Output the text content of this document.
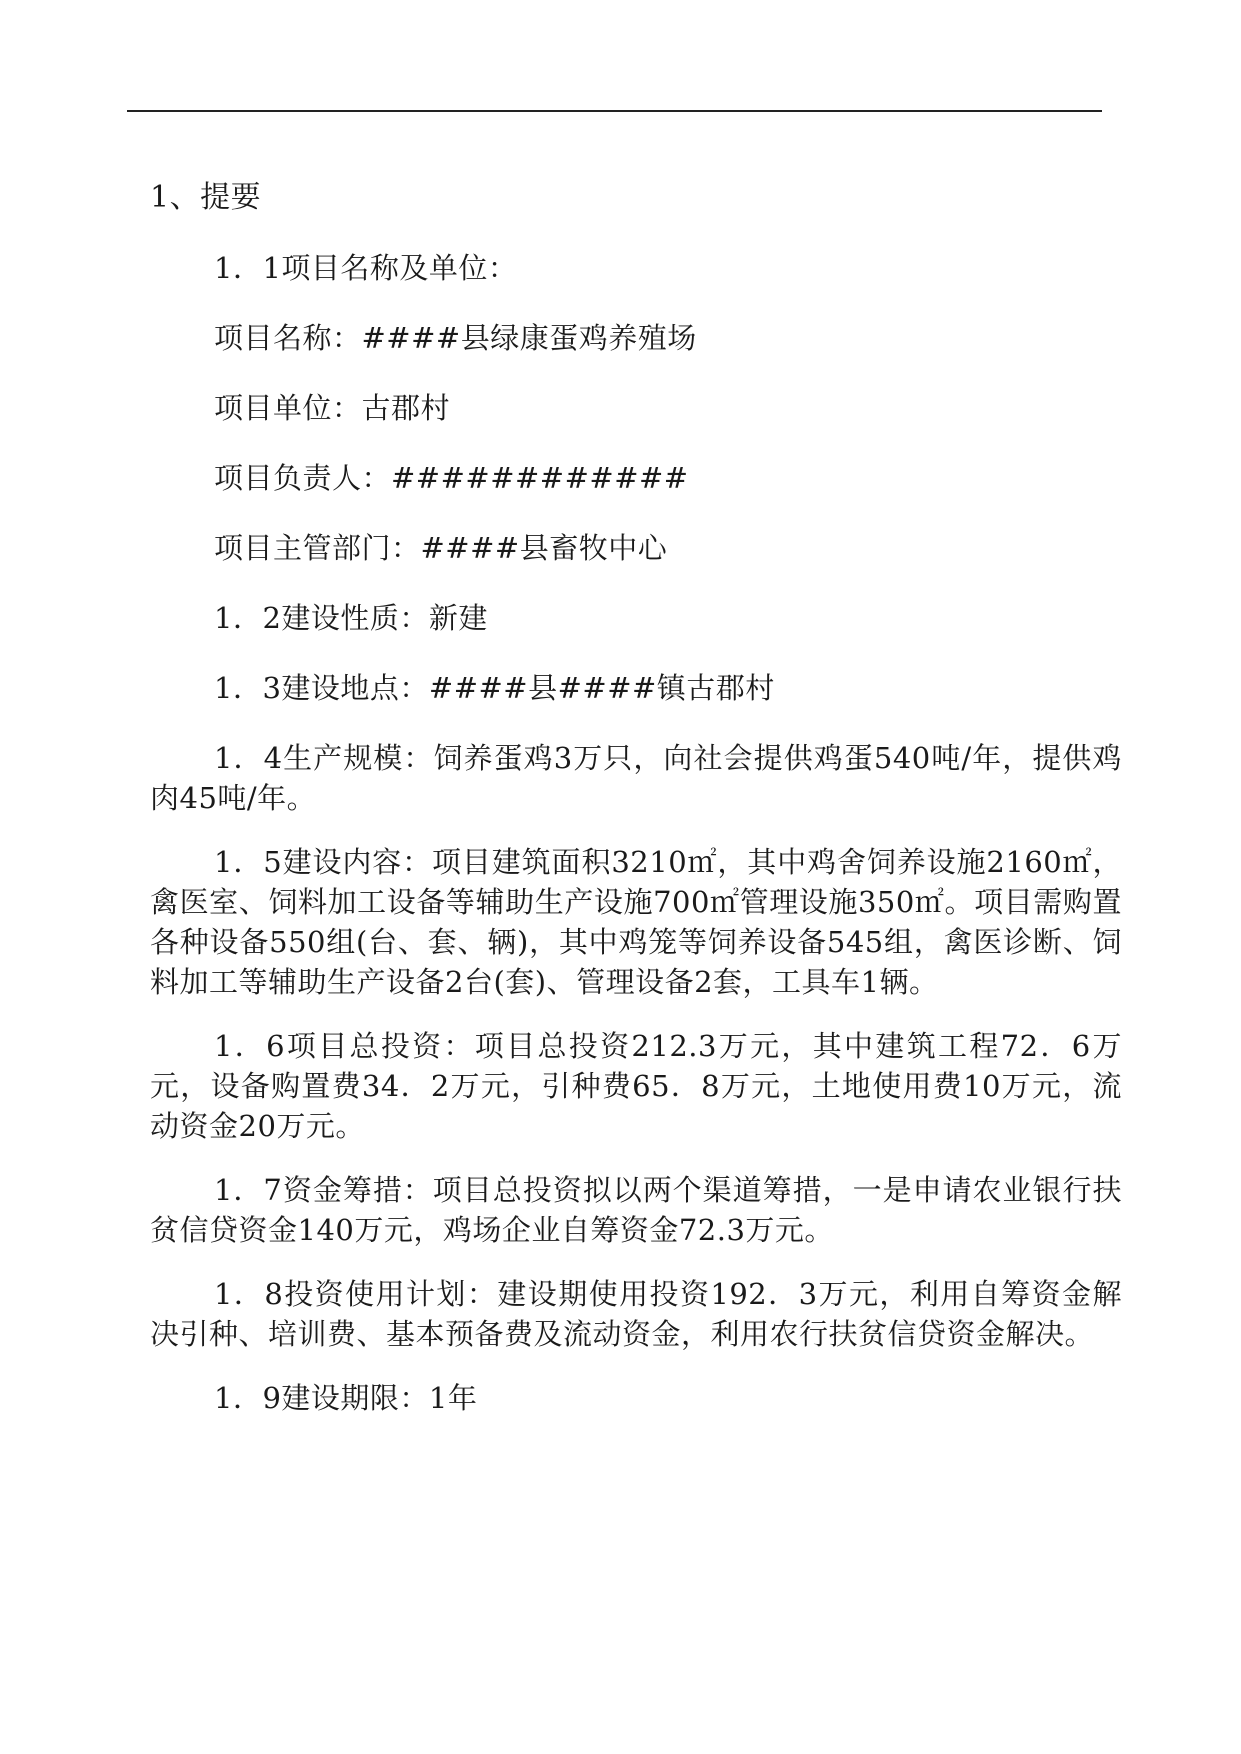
1、提要
1．1项目名称及单位：
项目名称：####县绿康蛋鸡养殖场
项目单位：古郡村
项目负责人：############
项目主管部门：####县畜牧中心
1．2建设性质：新建
1．3建设地点：####县####镇古郡村

1．4生产规模：饲养蛋鸡3万只，向社会提供鸡蛋540吨/年，提供鸡肉45吨/年。

1．5建设内容：项目建筑面积3210㎡，其中鸡舍饲养设施2160㎡，禽医室、饲料加工设备等辅助生产设施700㎡管理设施350㎡。项目需购置各种设备550组(台、套、辆)，其中鸡笼等饲养设备545组，禽医诊断、饲料加工等辅助生产设备2台(套)、管理设备2套，工具车1辆。

1．6项目总投资：项目总投资212.3万元，其中建筑工程72．6万元，设备购置费34．2万元，引种费65．8万元，土地使用费10万元，流动资金20万元。

1．7资金筹措：项目总投资拟以两个渠道筹措，一是申请农业银行扶贫信贷资金140万元，鸡场企业自筹资金72.3万元。

1．8投资使用计划：建设期使用投资192．3万元，利用自筹资金解决引种、培训费、基本预备费及流动资金，利用农行扶贫信贷资金解决。

1．9建设期限：1年
